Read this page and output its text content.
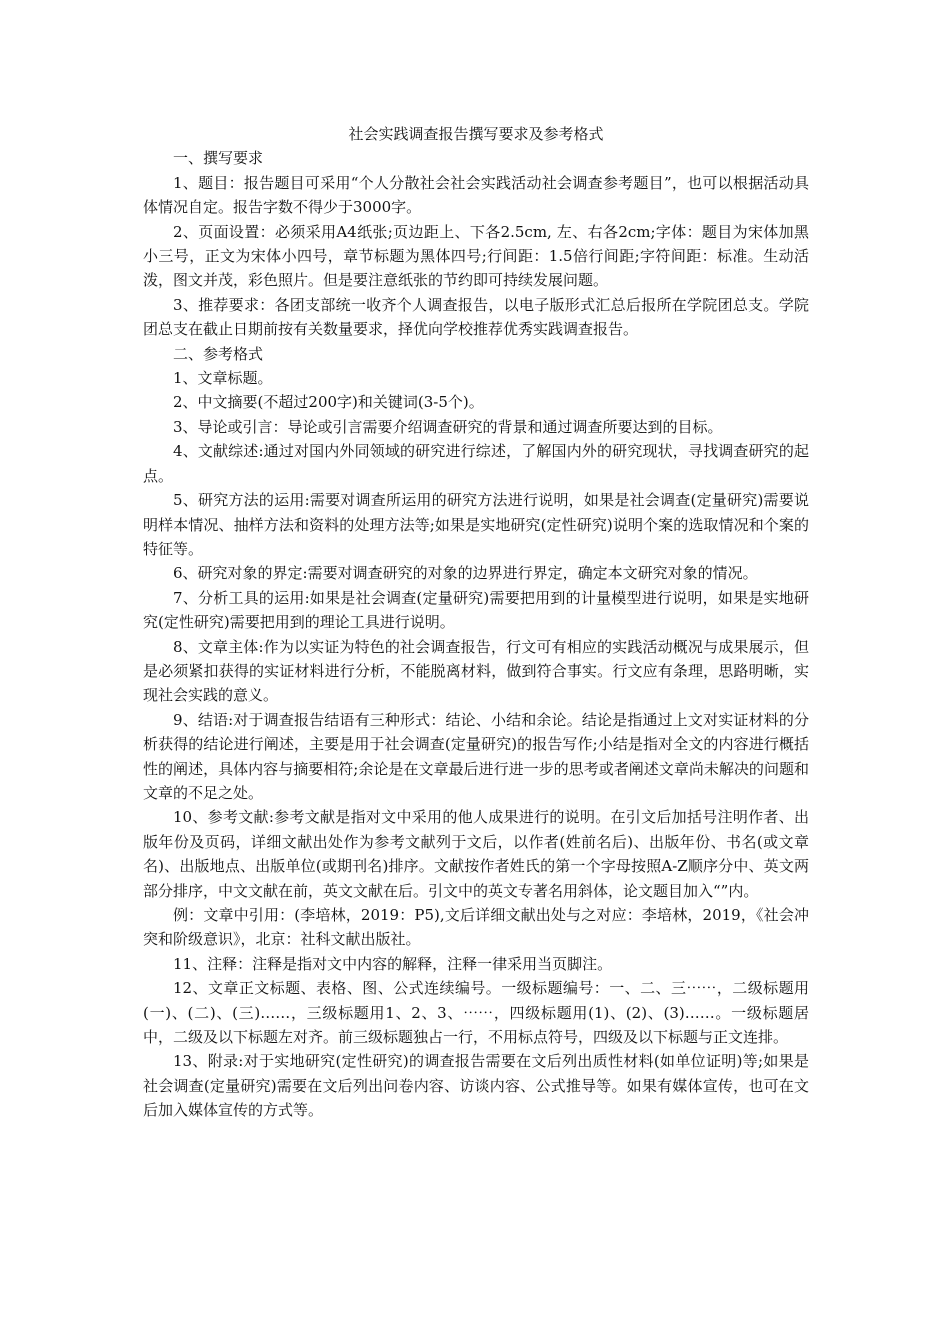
社会实践调查报告撰写要求及参考格式

一、撰写要求

1、题目：报告题目可采用“个人分散社会社会实践活动社会调查参考题目”，也可以根据活动具体情况自定。报告字数不得少于3000字。

2、页面设置：必须采用A4纸张;页边距上、下各2.5cm, 左、右各2cm;字体：题目为宋体加黑小三号，正文为宋体小四号，章节标题为黑体四号;行间距：1.5倍行间距;字符间距：标准。生动活泼，图文并茂，彩色照片。但是要注意纸张的节约即可持续发展问题。

3、推荐要求：各团支部统一收齐个人调查报告，以电子版形式汇总后报所在学院团总支。学院团总支在截止日期前按有关数量要求，择优向学校推荐优秀实践调查报告。

二、参考格式

1、文章标题。

2、中文摘要(不超过200字)和关键词(3-5个)。

3、导论或引言：导论或引言需要介绍调查研究的背景和通过调查所要达到的目标。

4、文献综述:通过对国内外同领域的研究进行综述，了解国内外的研究现状，寻找调查研究的起点。

5、研究方法的运用:需要对调查所运用的研究方法进行说明，如果是社会调查(定量研究)需要说明样本情况、抽样方法和资料的处理方法等;如果是实地研究(定性研究)说明个案的选取情况和个案的特征等。

6、研究对象的界定:需要对调查研究的对象的边界进行界定，确定本文研究对象的情况。

7、分析工具的运用:如果是社会调查(定量研究)需要把用到的计量模型进行说明，如果是实地研究(定性研究)需要把用到的理论工具进行说明。

8、文章主体:作为以实证为特色的社会调查报告，行文可有相应的实践活动概况与成果展示，但是必须紧扣获得的实证材料进行分析，不能脱离材料，做到符合事实。行文应有条理，思路明晰，实现社会实践的意义。

9、结语:对于调查报告结语有三种形式：结论、小结和余论。结论是指通过上文对实证材料的分析获得的结论进行阐述，主要是用于社会调查(定量研究)的报告写作;小结是指对全文的内容进行概括性的阐述，具体内容与摘要相符;余论是在文章最后进行进一步的思考或者阐述文章尚未解决的问题和文章的不足之处。

10、参考文献:参考文献是指对文中采用的他人成果进行的说明。在引文后加括号注明作者、出版年份及页码，详细文献出处作为参考文献列于文后，以作者(姓前名后)、出版年份、书名(或文章名)、出版地点、出版单位(或期刊名)排序。文献按作者姓氏的第一个字母按照A-Z顺序分中、英文两部分排序，中文文献在前，英文文献在后。引文中的英文专著名用斜体，论文题目加入“”内。

例：文章中引用：(李培林，2019：P5),文后详细文献出处与之对应：李培林，2019，《社会冲突和阶级意识》，北京：社科文献出版社。

11、注释：注释是指对文中内容的解释，注释一律采用当页脚注。

12、文章正文标题、表格、图、公式连续编号。一级标题编号：一、二、三⋯⋯，二级标题用(一)、(二)、(三)……，三级标题用1、2、3、⋯⋯，四级标题用(1)、(2)、(3)……。一级标题居中，二级及以下标题左对齐。前三级标题独占一行，不用标点符号，四级及以下标题与正文连排。

13、附录:对于实地研究(定性研究)的调查报告需要在文后列出质性材料(如单位证明)等;如果是社会调查(定量研究)需要在文后列出问卷内容、访谈内容、公式推导等。如果有媒体宣传，也可在文后加入媒体宣传的方式等。
